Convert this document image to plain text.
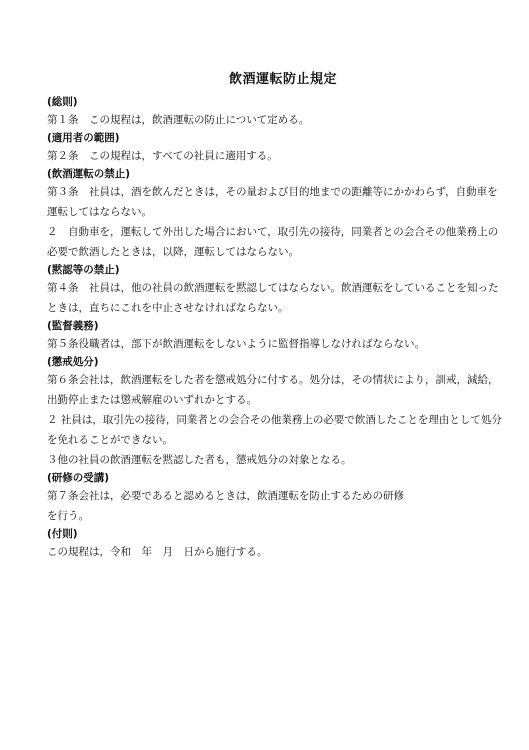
飲酒運転防止規定
(総則)

第１条　この規程は，飲酒運転の防止について定める。

(適用者の範囲)

第２条　この規程は，すべての社員に適用する。

(飲酒運転の禁止)

第３条　社員は，酒を飲んだときは，その量および目的地までの距離等にかかわらず，自動車を運転してはならない。

２　自動車を，運転して外出した場合において，取引先の接待，同業者との会合その他業務上の必要で飲酒したときは，以降，運転してはならない。

(黙認等の禁止)

第４条　社員は，他の社員の飲酒運転を黙認してはならない。飲酒運転をしていることを知ったときは，直ちにこれを中止させなければならない。

(監督義務)

第５条役職者は，部下が飲酒運転をしないように監督指導しなければならない。

(懲戒処分)

第６条会社は，飲酒運転をした者を懲戒処分に付する。処分は，その情状により，訓戒，減給，出勤停止または懲戒解雇のいずれかとする。

２ 社員は，取引先の接待，同業者との会合その他業務上の必要で飲酒したことを理由として処分を免れることができない。

３他の社員の飲酒運転を黙認した者も，懲戒処分の対象となる。

(研修の受講)

第７条会社は，必要であると認めるときは，飲酒運転を防止するための研修

を行う。

(付則)

この規程は，令和　年　月　日から施行する。
